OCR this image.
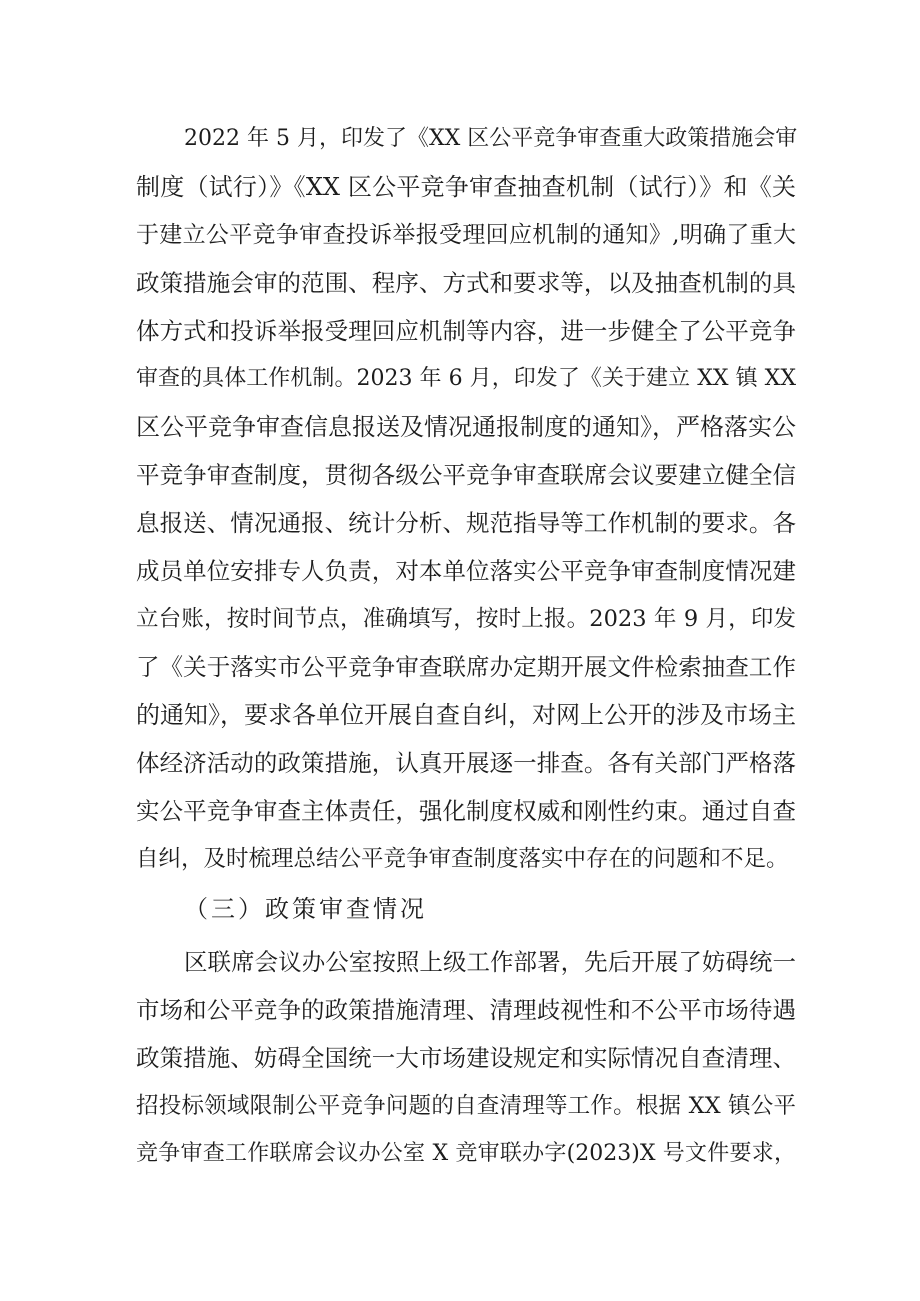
2022 年 5 月，印发了《XX 区公平竞争审查重大政策措施会审
制度（试行）》《XX 区公平竞争审查抽查机制（试行）》和《关
于建立公平竞争审查投诉举报受理回应机制的通知》,明确了重大
政策措施会审的范围、程序、方式和要求等，以及抽查机制的具
体方式和投诉举报受理回应机制等内容，进一步健全了公平竞争
审查的具体工作机制。2023 年 6 月，印发了《关于建立 XX 镇 XX
区公平竞争审查信息报送及情况通报制度的通知》，严格落实公
平竞争审查制度，贯彻各级公平竞争审查联席会议要建立健全信
息报送、情况通报、统计分析、规范指导等工作机制的要求。各
成员单位安排专人负责，对本单位落实公平竞争审查制度情况建
立台账，按时间节点，准确填写，按时上报。2023 年 9 月，印发
了《关于落实市公平竞争审查联席办定期开展文件检索抽查工作
的通知》，要求各单位开展自查自纠，对网上公开的涉及市场主
体经济活动的政策措施，认真开展逐一排查。各有关部门严格落
实公平竞争审查主体责任，强化制度权威和刚性约束。通过自查
自纠，及时梳理总结公平竞争审查制度落实中存在的问题和不足。
（三）政策审查情况
区联席会议办公室按照上级工作部署，先后开展了妨碍统一
市场和公平竞争的政策措施清理、清理歧视性和不公平市场待遇
政策措施、妨碍全国统一大市场建设规定和实际情况自查清理、
招投标领域限制公平竞争问题的自查清理等工作。根据 XX 镇公平
竞争审查工作联席会议办公室 X 竞审联办字(2023)X 号文件要求，
